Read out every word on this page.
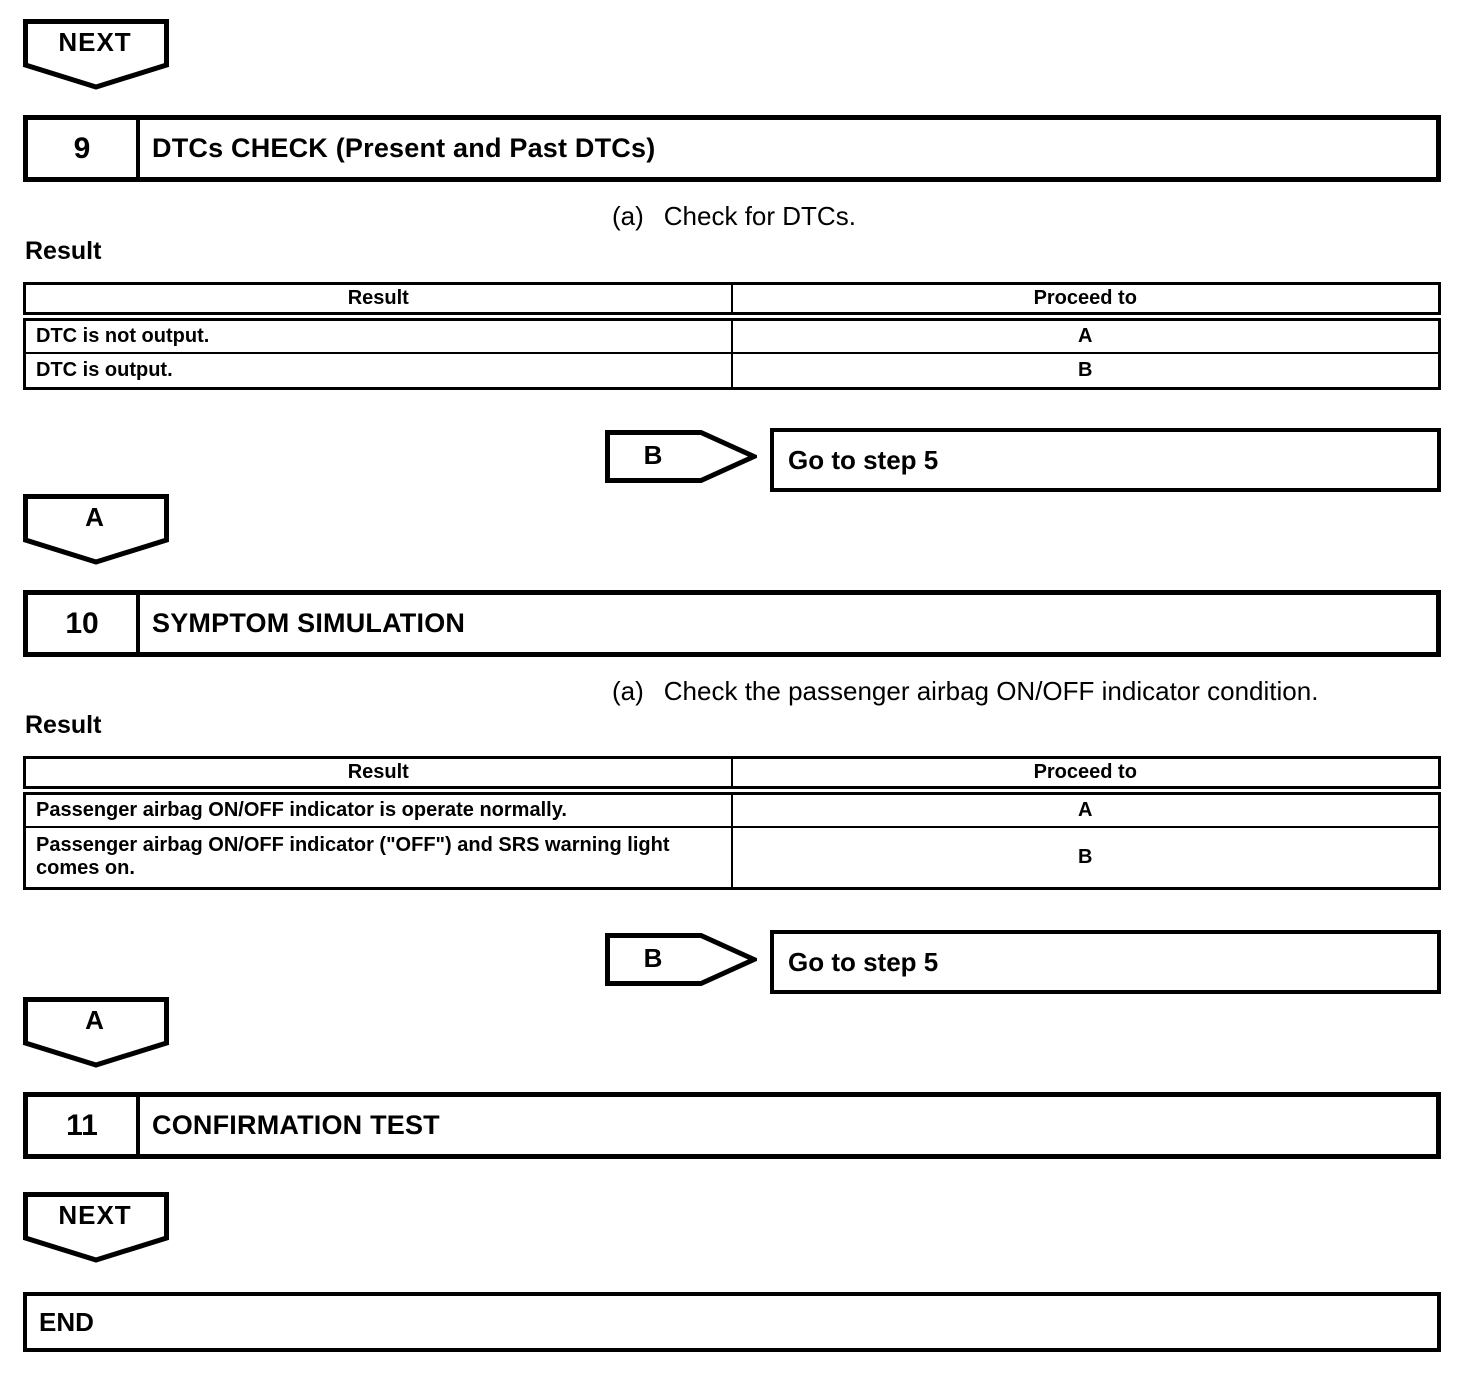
NEXT
9	DTCs CHECK (Present and Past DTCs)
(a) Check for DTCs.
Result
Result	Proceed to
DTC is not output.	A
DTC is output.	B
B	Go to step 5
A
10	SYMPTOM SIMULATION
(a) Check the passenger airbag ON/OFF indicator condition.
Result
Result	Proceed to
Passenger airbag ON/OFF indicator is operate normally.	A
Passenger airbag ON/OFF indicator ("OFF") and SRS warning light comes on.	B
B	Go to step 5
A
11	CONFIRMATION TEST
NEXT
END
